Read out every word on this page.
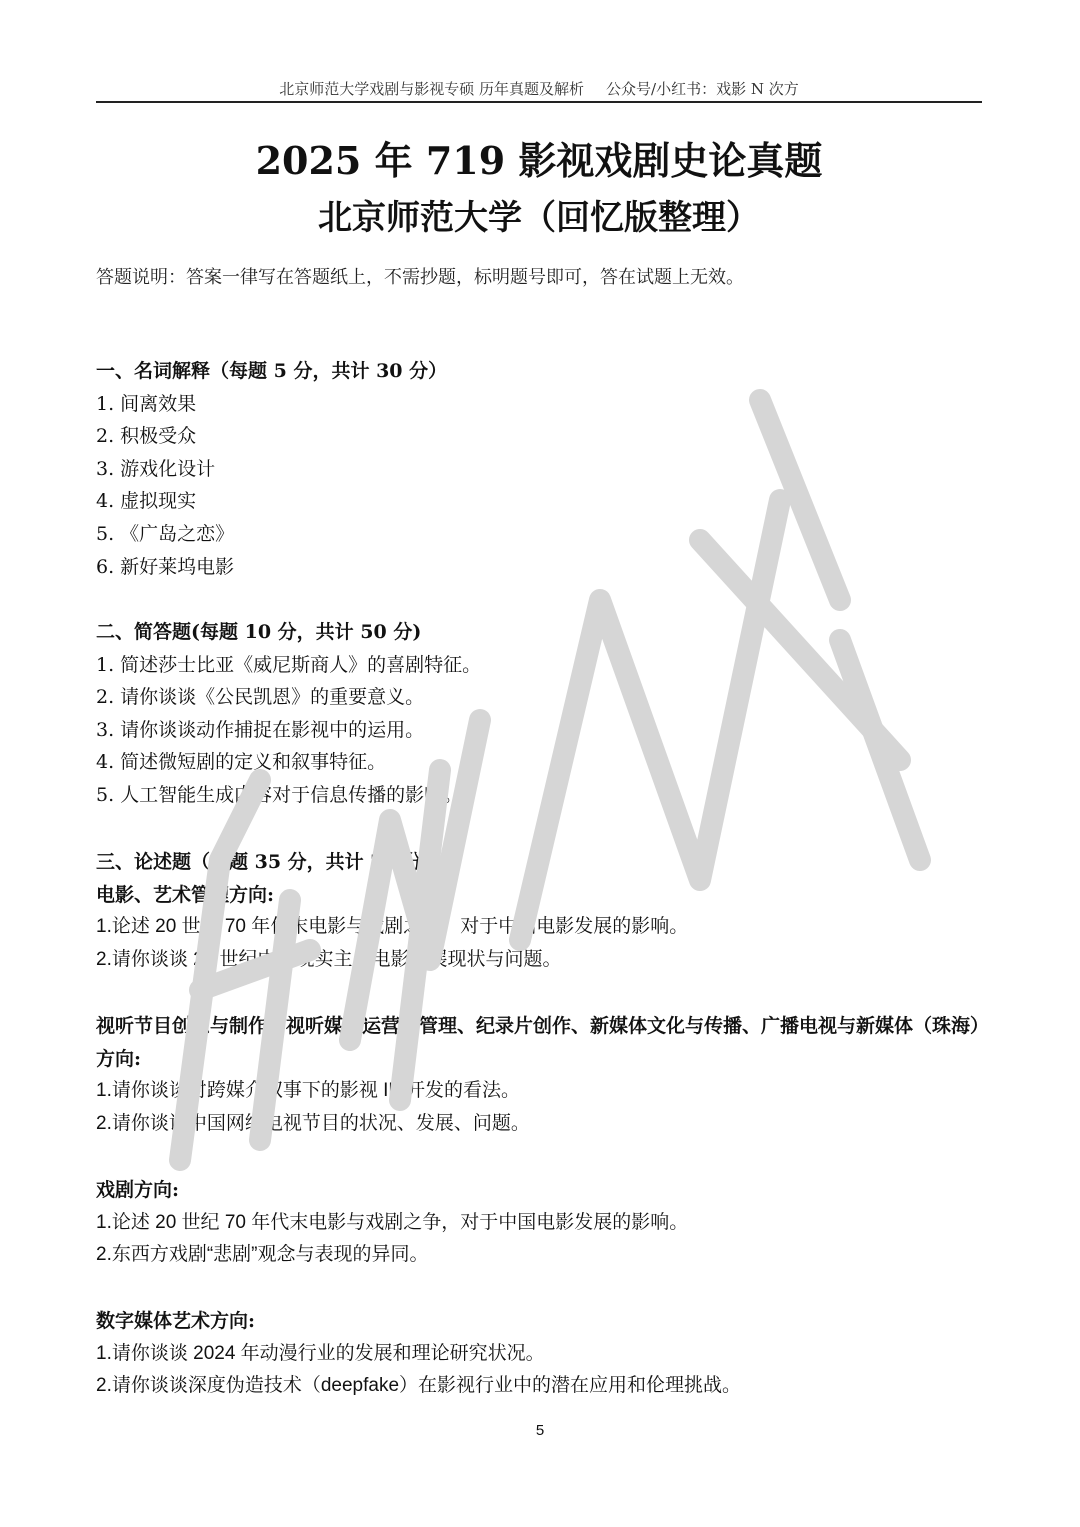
北京师范大学戏剧与影视专硕 历年真题及解析 公众号/小红书：戏影 N 次方
2025 年 719 影视戏剧史论真题
北京师范大学（回忆版整理）
答题说明：答案一律写在答题纸上，不需抄题，标明题号即可，答在试题上无效。
一、名词解释（每题 5 分，共计 30 分）
1. 间离效果
2. 积极受众
3. 游戏化设计
4. 虚拟现实
5. 《广岛之恋》
6. 新好莱坞电影
二、简答题(每题 10 分，共计 50 分)
1. 简述莎士比亚《威尼斯商人》的喜剧特征。
2. 请你谈谈《公民凯恩》的重要意义。
3. 请你谈谈动作捕捉在影视中的运用。
4. 简述微短剧的定义和叙事特征。
5. 人工智能生成内容对于信息传播的影响。
三、论述题（每题 35 分，共计 70 分）
电影、艺术管理方向:
1.论述 20 世纪 70 年代末电影与戏剧之争，对于中国电影发展的影响。
2.请你谈谈 21 世纪中国现实主义电影发展现状与问题。
视听节目创意与制作、视听媒体运营与管理、纪录片创作、新媒体文化与传播、广播电视与新媒体（珠海）方向:
1.请你谈谈对跨媒介叙事下的影视 IP 开发的看法。
2.请你谈谈中国网络电视节目的状况、发展、问题。
戏剧方向:
1.论述 20 世纪 70 年代末电影与戏剧之争，对于中国电影发展的影响。
2.东西方戏剧“悲剧”观念与表现的异同。
数字媒体艺术方向:
1.请你谈谈 2024 年动漫行业的发展和理论研究状况。
2.请你谈谈深度伪造技术（deepfake）在影视行业中的潜在应用和伦理挑战。
5
